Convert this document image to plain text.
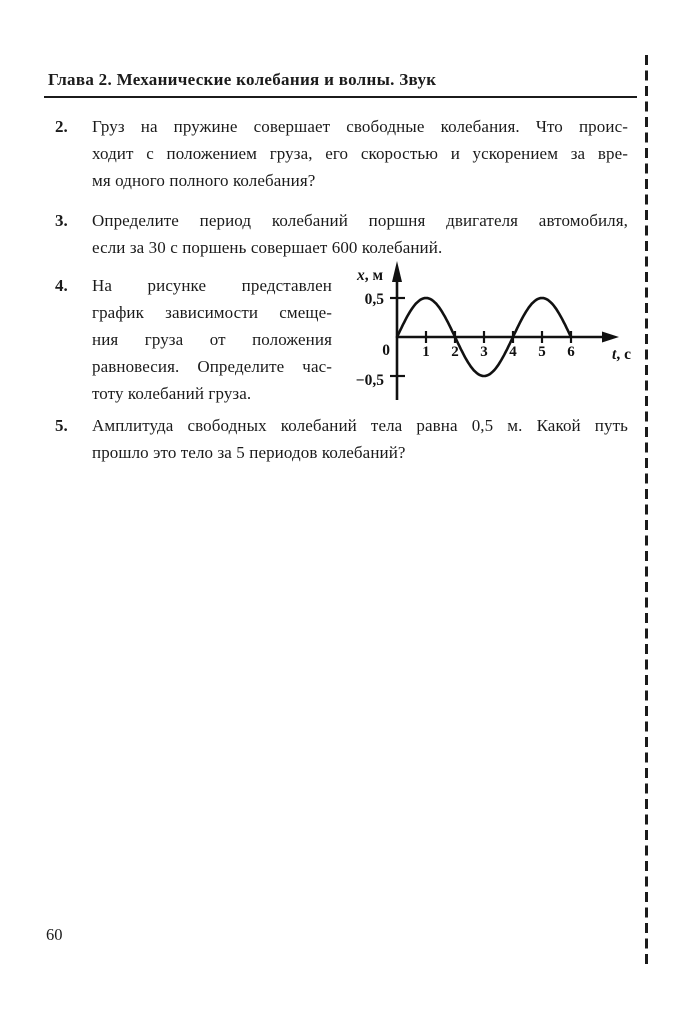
Глава 2. Механические колебания и волны. Звук
2.	Груз на пружине совершает свободные колебания. Что проис-
ходит с положением груза, его скоростью и ускорением за вре-
мя одного полного колебания?
3.	Определите период колебаний поршня двигателя автомобиля,
если за 30 с поршень совершает 600 колебаний.
4.	На рисунке представлен
график зависимости смеще-
ния груза от положения
равновесия. Определите час-
тоту колебаний груза.
x, м
t, с
0,5
0
−0,5
1 2 3 4 5 6
5.	Амплитуда свободных колебаний тела равна 0,5 м. Какой путь
прошло это тело за 5 периодов колебаний?
60
